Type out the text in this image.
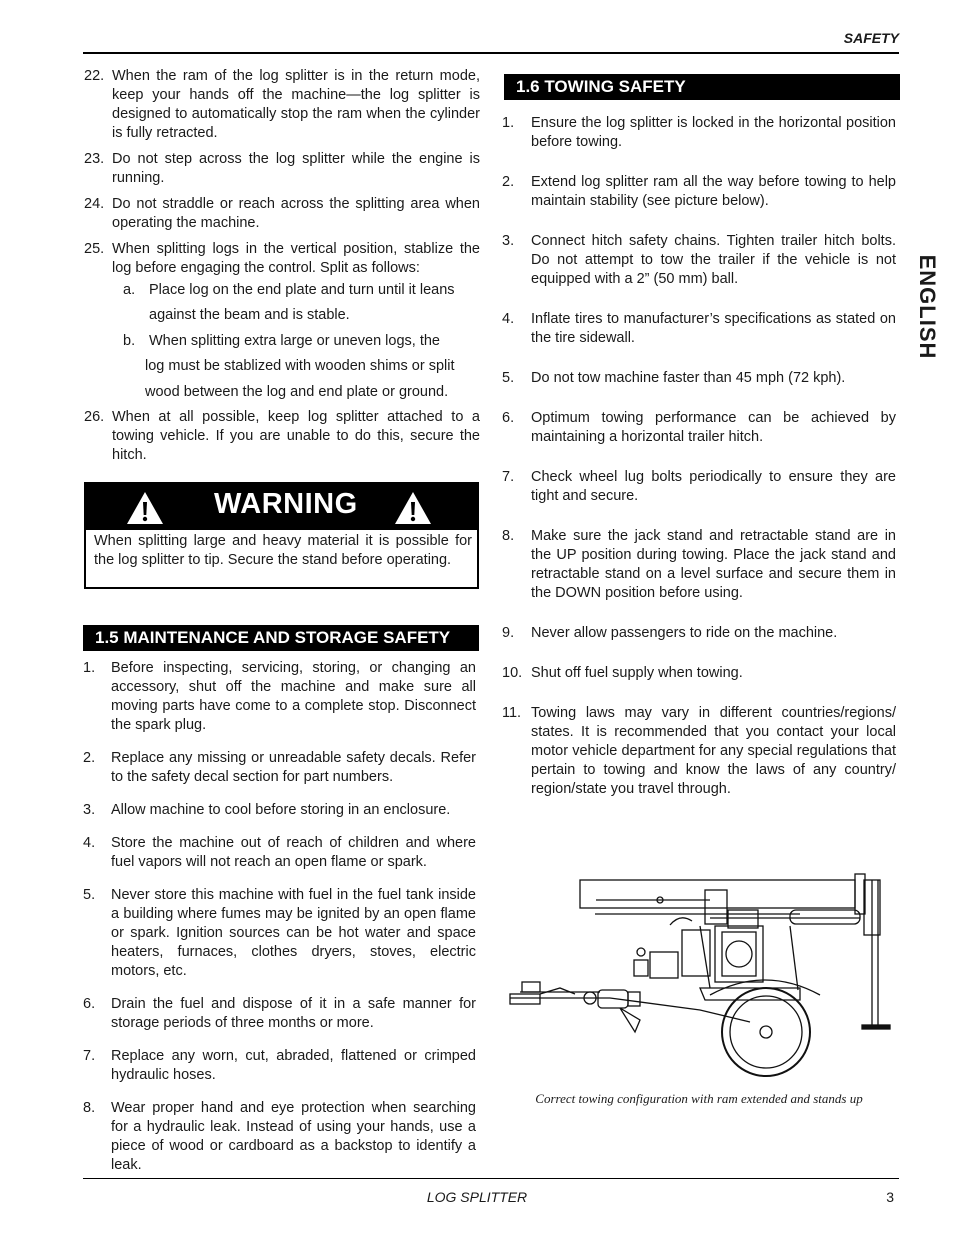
SAFETY
ENGLISH
22. When the ram of the log splitter is in the return mode, keep your hands off the machine—the log splitter is designed to automatically stop the ram when the cylinder is fully retracted.
23. Do not step across the log splitter while the engine is running.
24. Do not straddle or reach across the splitting area when operating the machine.
25. When splitting logs in the vertical position, stablize the log before engaging the control. Split as follows:
a. Place log on the end plate and turn until it leans
against the beam and is stable.
b. When splitting extra large or uneven logs, the
log must be stablized with wooden shims or split
wood between the log and end plate or ground.
26. When at all possible, keep log splitter attached to a towing vehicle. If you are unable to do this, secure the hitch.
WARNING
When splitting large and heavy material it is possible for the log splitter to tip. Secure the stand before operating.
1.5 MAINTENANCE AND STORAGE SAFETY
1.	Before inspecting, servicing, storing, or changing an accessory, shut off the machine and make sure all moving parts have come to a complete stop. Disconnect the spark plug.
2.	Replace any missing or unreadable safety decals. Refer to the safety decal section for part numbers.
3.	Allow machine to cool before storing in an enclosure.
4.	Store the machine out of reach of children and where fuel vapors will not reach an open flame or spark.
5.	Never store this machine with fuel in the fuel tank inside a building where fumes may be ignited by an open flame or spark. Ignition sources can be hot water and space heaters, furnaces, clothes dryers, stoves, electric motors, etc.
6.	Drain the fuel and dispose of it in a safe manner for storage periods of three months or more.
7.	Replace any worn, cut, abraded, flattened or crimped hydraulic hoses.
8.	Wear proper hand and eye protection when searching for a hydraulic leak. Instead of using your hands, use a piece of wood or cardboard as a backstop to identify a leak.
1.6 TOWING SAFETY
1.	Ensure the log splitter is locked in the horizontal position before towing.
2.	Extend log splitter ram all the way before towing to help maintain stability (see picture below).
3.	Connect hitch safety chains. Tighten trailer hitch bolts. Do not attempt to tow the trailer if the vehicle is not equipped with a 2” (50 mm) ball.
4.	Inflate tires to manufacturer’s specifications as stated on the tire sidewall.
5.	Do not tow machine faster than 45 mph (72 kph).
6.	Optimum towing performance can be achieved by maintaining a horizontal trailer hitch.
7.	Check wheel lug bolts periodically to ensure they are tight and secure.
8.	Make sure the jack stand and retractable stand are in the UP position during towing. Place the jack stand and retractable stand on a level surface and secure them in the DOWN position before using.
9.	Never allow passengers to ride on the machine.
10. Shut off fuel supply when towing.
11. Towing laws may vary in different countries/regions/ states. It is recommended that you contact your local motor vehicle department for any special regulations that pertain to towing and know the laws of any country/ region/state you travel through.
Correct towing configuration with ram extended and stands up
LOG SPLITTER	3
